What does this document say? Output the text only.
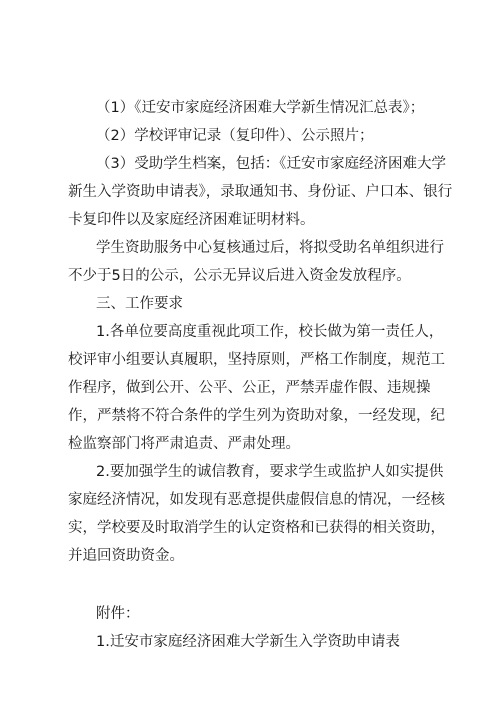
（1）《迁安市家庭经济困难大学新生情况汇总表》；

（2）学校评审记录（复印件）、公示照片；

（3）受助学生档案，包括：《迁安市家庭经济困难大学新生入学资助申请表》，录取通知书、身份证、户口本、银行卡复印件以及家庭经济困难证明材料。

学生资助服务中心复核通过后，将拟受助名单组织进行不少于5日的公示，公示无异议后进入资金发放程序。

三、工作要求

1.各单位要高度重视此项工作，校长做为第一责任人，校评审小组要认真履职，坚持原则，严格工作制度，规范工作程序，做到公开、公平、公正，严禁弄虚作假、违规操作，严禁将不符合条件的学生列为资助对象，一经发现，纪检监察部门将严肃追责、严肃处理。

2.要加强学生的诚信教育，要求学生或监护人如实提供家庭经济情况，如发现有恶意提供虚假信息的情况，一经核实，学校要及时取消学生的认定资格和已获得的相关资助，并追回资助资金。

附件：

1.迁安市家庭经济困难大学新生入学资助申请表
